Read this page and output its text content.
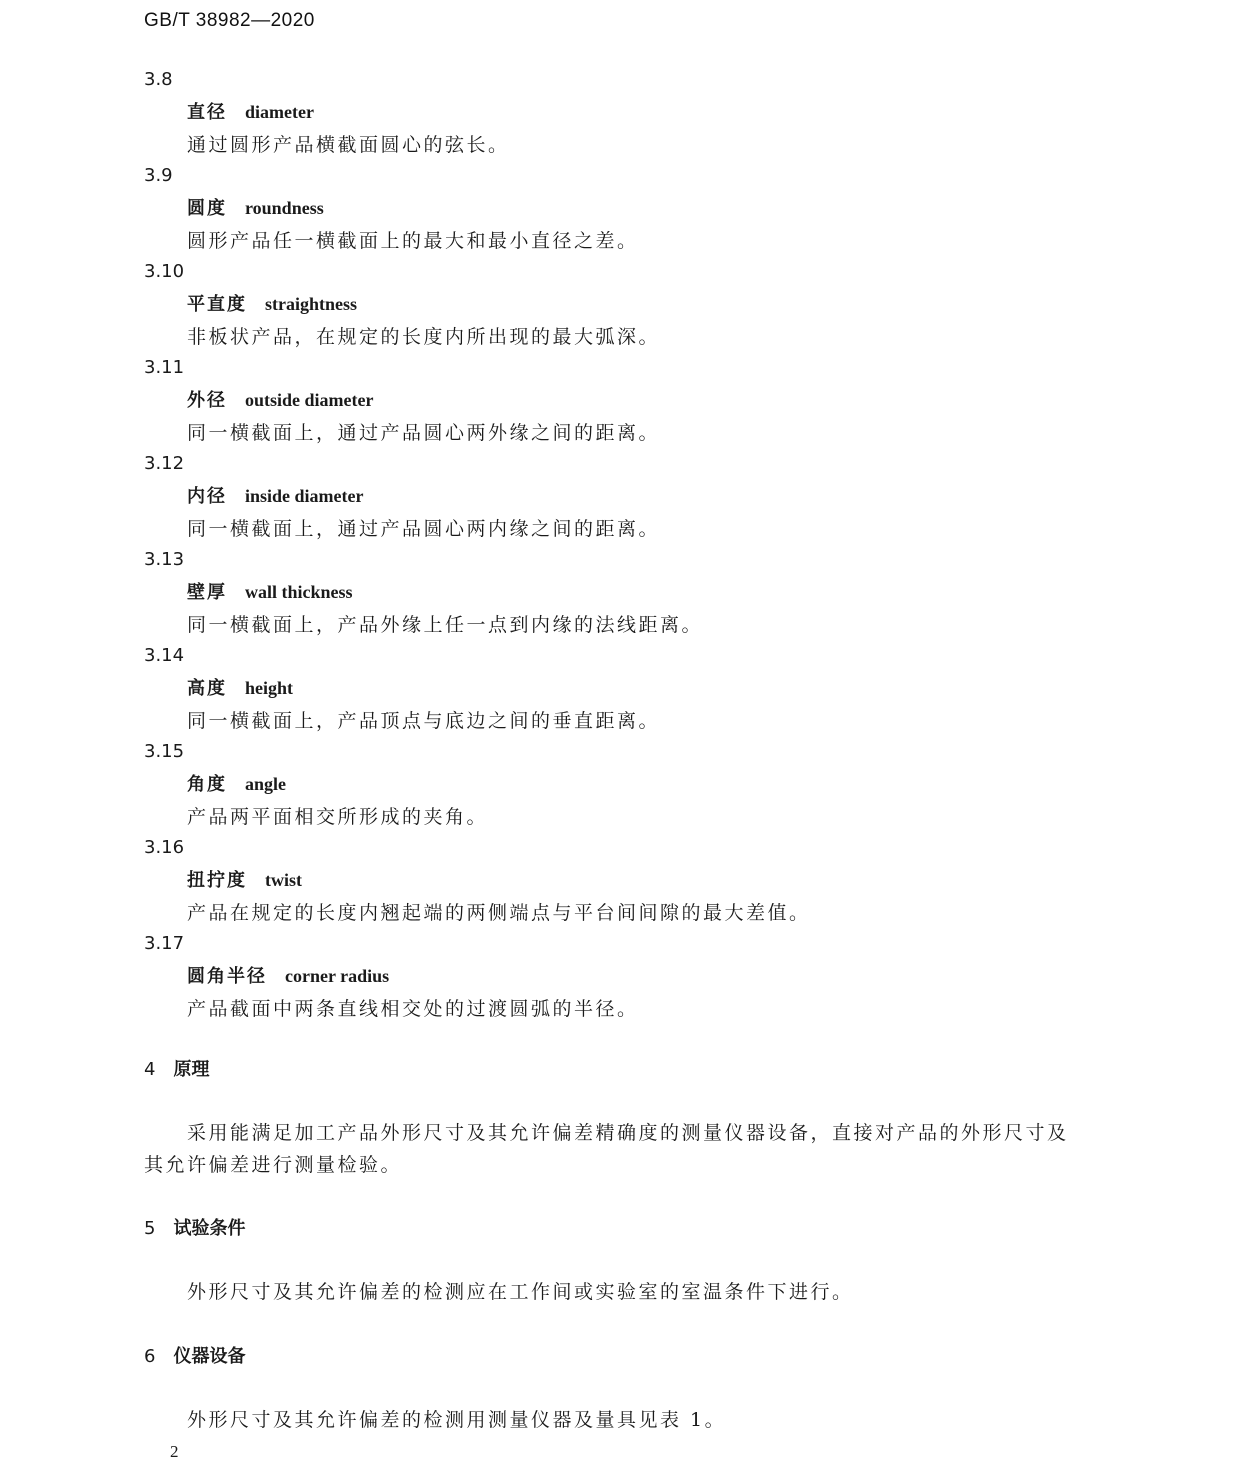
GB/T 38982—2020
3.8
直径 diameter
通过圆形产品横截面圆心的弦长。
3.9
圆度 roundness
圆形产品任一横截面上的最大和最小直径之差。
3.10
平直度 straightness
非板状产品，在规定的长度内所出现的最大弧深。
3.11
外径 outside diameter
同一横截面上，通过产品圆心两外缘之间的距离。
3.12
内径 inside diameter
同一横截面上，通过产品圆心两内缘之间的距离。
3.13
壁厚 wall thickness
同一横截面上，产品外缘上任一点到内缘的法线距离。
3.14
高度 height
同一横截面上，产品顶点与底边之间的垂直距离。
3.15
角度 angle
产品两平面相交所形成的夹角。
3.16
扭拧度 twist
产品在规定的长度内翘起端的两侧端点与平台间间隙的最大差值。
3.17
圆角半径 corner radius
产品截面中两条直线相交处的过渡圆弧的半径。
4 原理
采用能满足加工产品外形尺寸及其允许偏差精确度的测量仪器设备，直接对产品的外形尺寸及其允许偏差进行测量检验。
5 试验条件
外形尺寸及其允许偏差的检测应在工作间或实验室的室温条件下进行。
6 仪器设备
外形尺寸及其允许偏差的检测用测量仪器及量具见表 1。
2
